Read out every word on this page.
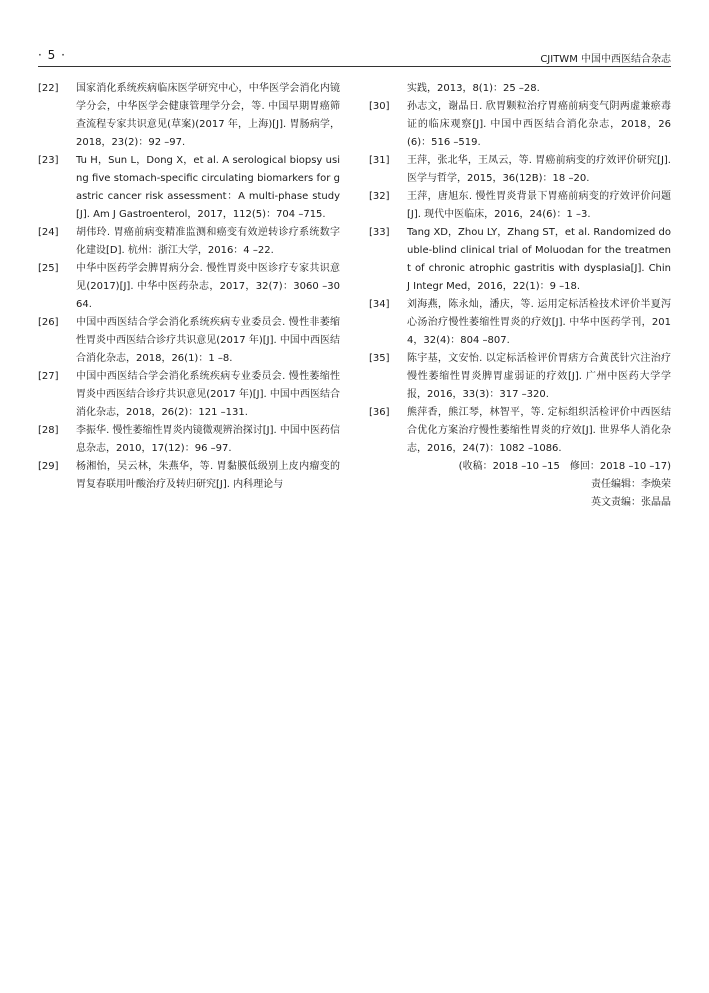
· 5 ·	CJITWM 中国中西医结合杂志
[22]	国家消化系统疾病临床医学研究中心，中华医学会消化内镜学分会，中华医学会健康管理学分会，等. 中国早期胃癌筛查流程专家共识意见(草案)(2017 年，上海)[J]. 胃肠病学，2018，23(2)：92 –97.
[23]	Tu H，Sun L，Dong X，et al. A serological biopsy using five stomach-specific circulating biomarkers for gastric cancer risk assessment：A multi-phase study[J]. Am J Gastroenterol，2017，112(5)：704 –715.
[24]	胡伟玲. 胃癌前病变精准监测和癌变有效逆转诊疗系统数字化建设[D]. 杭州：浙江大学，2016：4 –22.
[25]	中华中医药学会脾胃病分会. 慢性胃炎中医诊疗专家共识意见(2017)[J]. 中华中医药杂志，2017，32(7)：3060 –3064.
[26]	中国中西医结合学会消化系统疾病专业委员会. 慢性非萎缩性胃炎中西医结合诊疗共识意见(2017 年)[J]. 中国中西医结合消化杂志，2018，26(1)：1 –8.
[27]	中国中西医结合学会消化系统疾病专业委员会. 慢性萎缩性胃炎中西医结合诊疗共识意见(2017 年)[J]. 中国中西医结合消化杂志，2018，26(2)：121 –131.
[28]	李振华. 慢性萎缩性胃炎内镜微观辨治探讨[J]. 中国中医药信息杂志，2010，17(12)：96 –97.
[29]	杨湘怡，吴云林，朱燕华，等. 胃黏膜低级别上皮内瘤变的胃复春联用叶酸治疗及转归研究[J]. 内科理论与
实践，2013，8(1)：25 –28.
[30]	孙志文，谢晶日. 欣胃颗粒治疗胃癌前病变气阴两虚兼瘀毒证的临床观察[J]. 中国中西医结合消化杂志，2018，26(6)：516 –519.
[31]	王萍，张北华，王凤云，等. 胃癌前病变的疗效评价研究[J]. 医学与哲学，2015，36(12B)：18 –20.
[32]	王萍，唐旭东. 慢性胃炎背景下胃癌前病变的疗效评价问题[J]. 现代中医临床，2016，24(6)：1 –3.
[33]	Tang XD，Zhou LY，Zhang ST，et al. Randomized double-blind clinical trial of Moluodan for the treatment of chronic atrophic gastritis with dysplasia[J]. Chin J Integr Med，2016，22(1)：9 –18.
[34]	刘海燕，陈永灿，潘庆，等. 运用定标活检技术评价半夏泻心汤治疗慢性萎缩性胃炎的疗效[J]. 中华中医药学刊，2014，32(4)：804 –807.
[35]	陈宇基，文安怡. 以定标活检评价胃痞方合黄芪针穴注治疗慢性萎缩性胃炎脾胃虚弱证的疗效[J]. 广州中医药大学学报，2016，33(3)：317 –320.
[36]	熊萍香，熊江琴，林智平，等. 定标组织活检评价中西医结合优化方案治疗慢性萎缩性胃炎的疗效[J]. 世界华人消化杂志，2016，24(7)：1082 –1086.
(收稿：2018 –10 –15　修回：2018 –10 –17)
责任编辑：李焕荣
英文责编：张晶晶
